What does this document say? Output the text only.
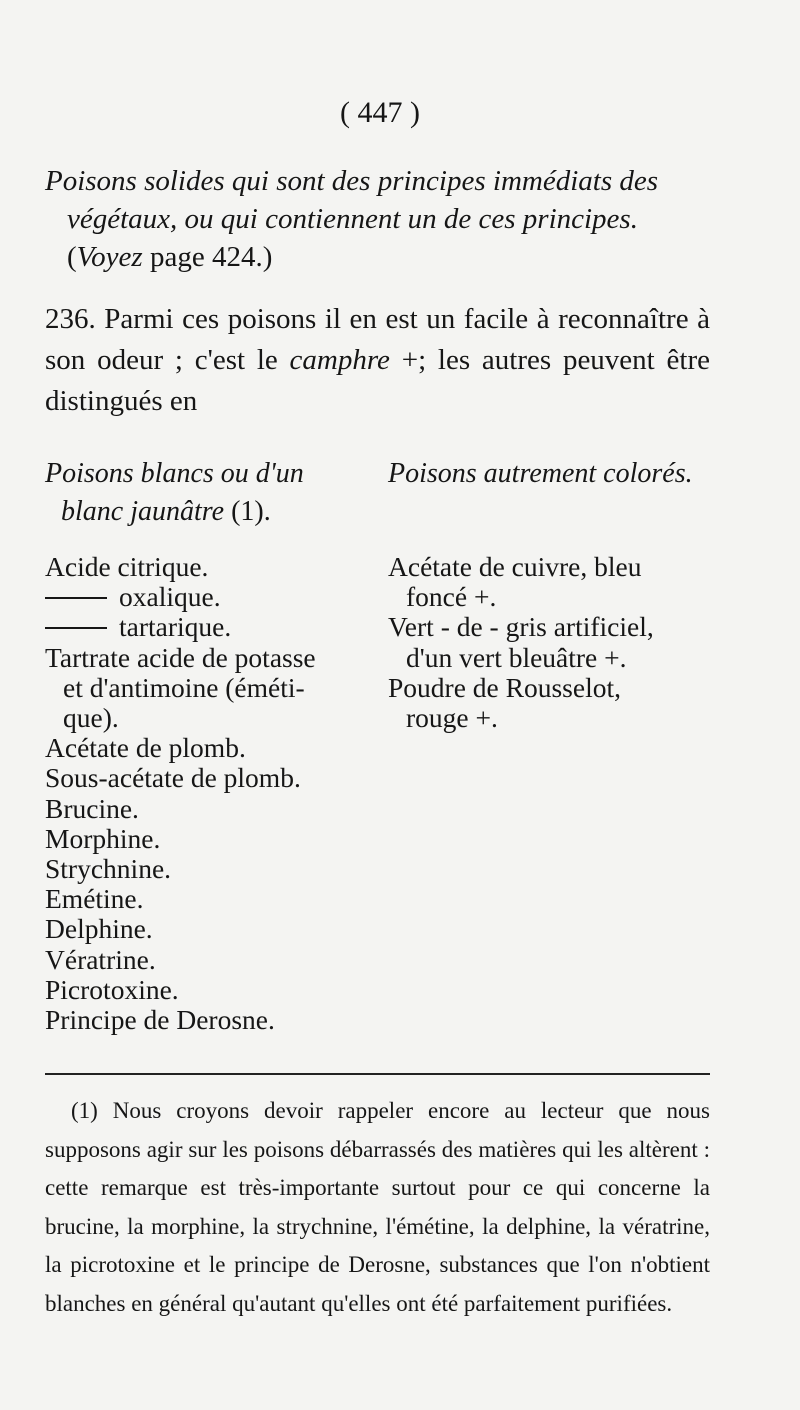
( 447 )
Poisons solides qui sont des principes immédiats des
végétaux, ou qui contiennent un de ces principes.
(Voyez page 424.)
236. Parmi ces poisons il en est un facile à reconnaître à son odeur ; c'est le camphre +; les autres peuvent être distingués en
Poisons blancs ou d'un
blanc jaunâtre (1).
Poisons autrement colorés.
Acide citrique.
oxalique.
tartarique.
Tartrate acide de potasse
et d'antimoine (éméti-
que).
Acétate de plomb.
Sous-acétate de plomb.
Brucine.
Morphine.
Strychnine.
Emétine.
Delphine.
Vératrine.
Picrotoxine.
Principe de Derosne.
Acétate de cuivre, bleu
foncé +.
Vert - de - gris artificiel,
d'un vert bleuâtre +.
Poudre de Rousselot,
rouge +.
(1) Nous croyons devoir rappeler encore au lecteur que nous supposons agir sur les poisons débarrassés des matières qui les altèrent : cette remarque est très-importante surtout pour ce qui concerne la brucine, la morphine, la strychnine, l'émétine, la delphine, la vératrine, la picrotoxine et le principe de Derosne, substances que l'on n'obtient blanches en général qu'autant qu'elles ont été parfaitement purifiées.
